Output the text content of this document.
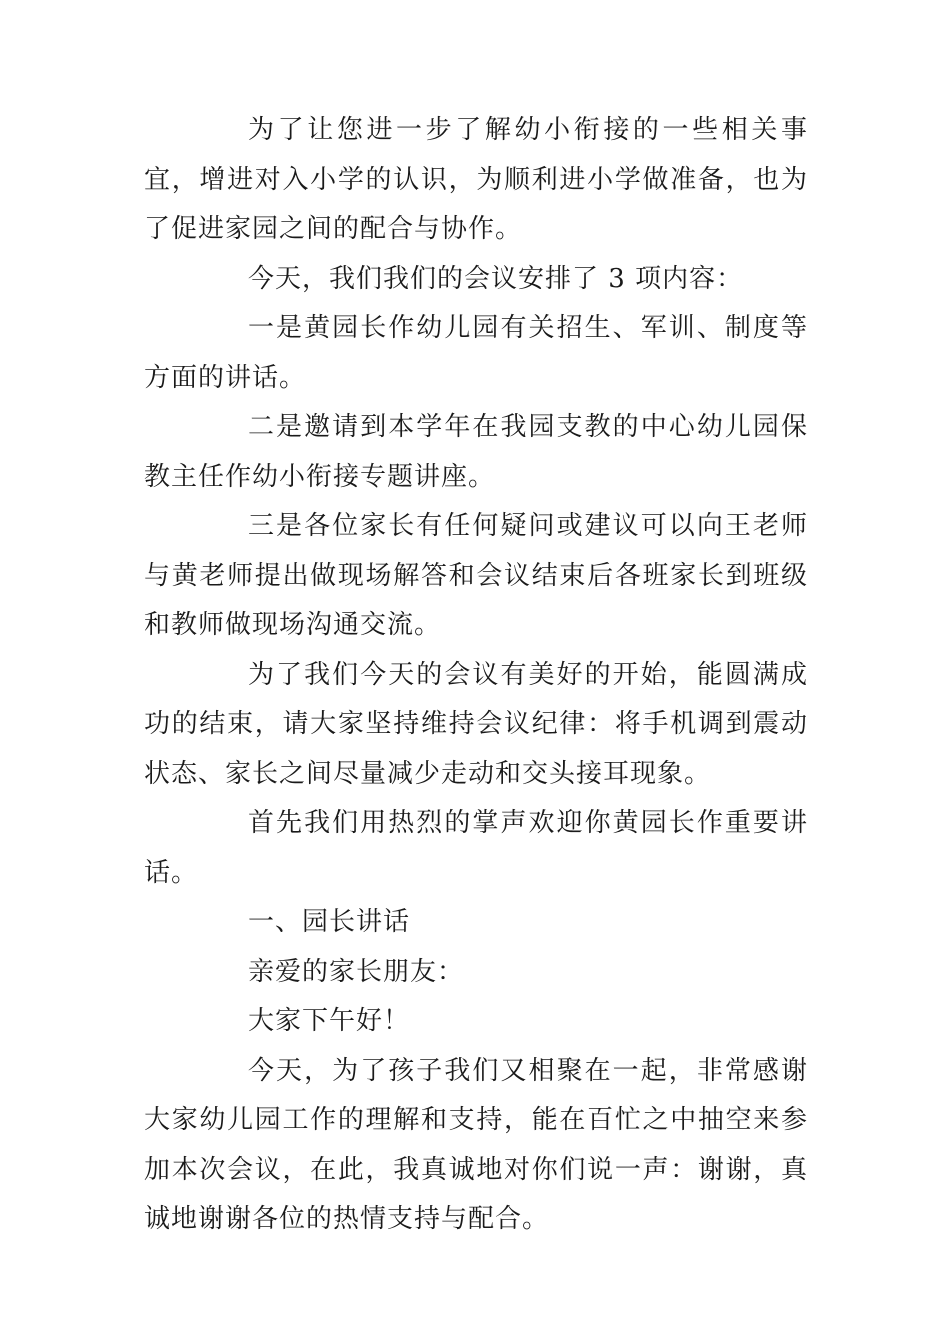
为了让您进一步了解幼小衔接的一些相关事宜，增进对入小学的认识，为顺利进小学做准备，也为了促进家园之间的配合与协作。

今天，我们我们的会议安排了 3 项内容：

一是黄园长作幼儿园有关招生、军训、制度等方面的讲话。

二是邀请到本学年在我园支教的中心幼儿园保教主任作幼小衔接专题讲座。

三是各位家长有任何疑问或建议可以向王老师与黄老师提出做现场解答和会议结束后各班家长到班级和教师做现场沟通交流。

为了我们今天的会议有美好的开始，能圆满成功的结束，请大家坚持维持会议纪律：将手机调到震动状态、家长之间尽量减少走动和交头接耳现象。

首先我们用热烈的掌声欢迎你黄园长作重要讲话。

一、园长讲话

亲爱的家长朋友：

大家下午好！

今天，为了孩子我们又相聚在一起，非常感谢大家幼儿园工作的理解和支持，能在百忙之中抽空来参加本次会议，在此，我真诚地对你们说一声：谢谢，真诚地谢谢各位的热情支持与配合。
